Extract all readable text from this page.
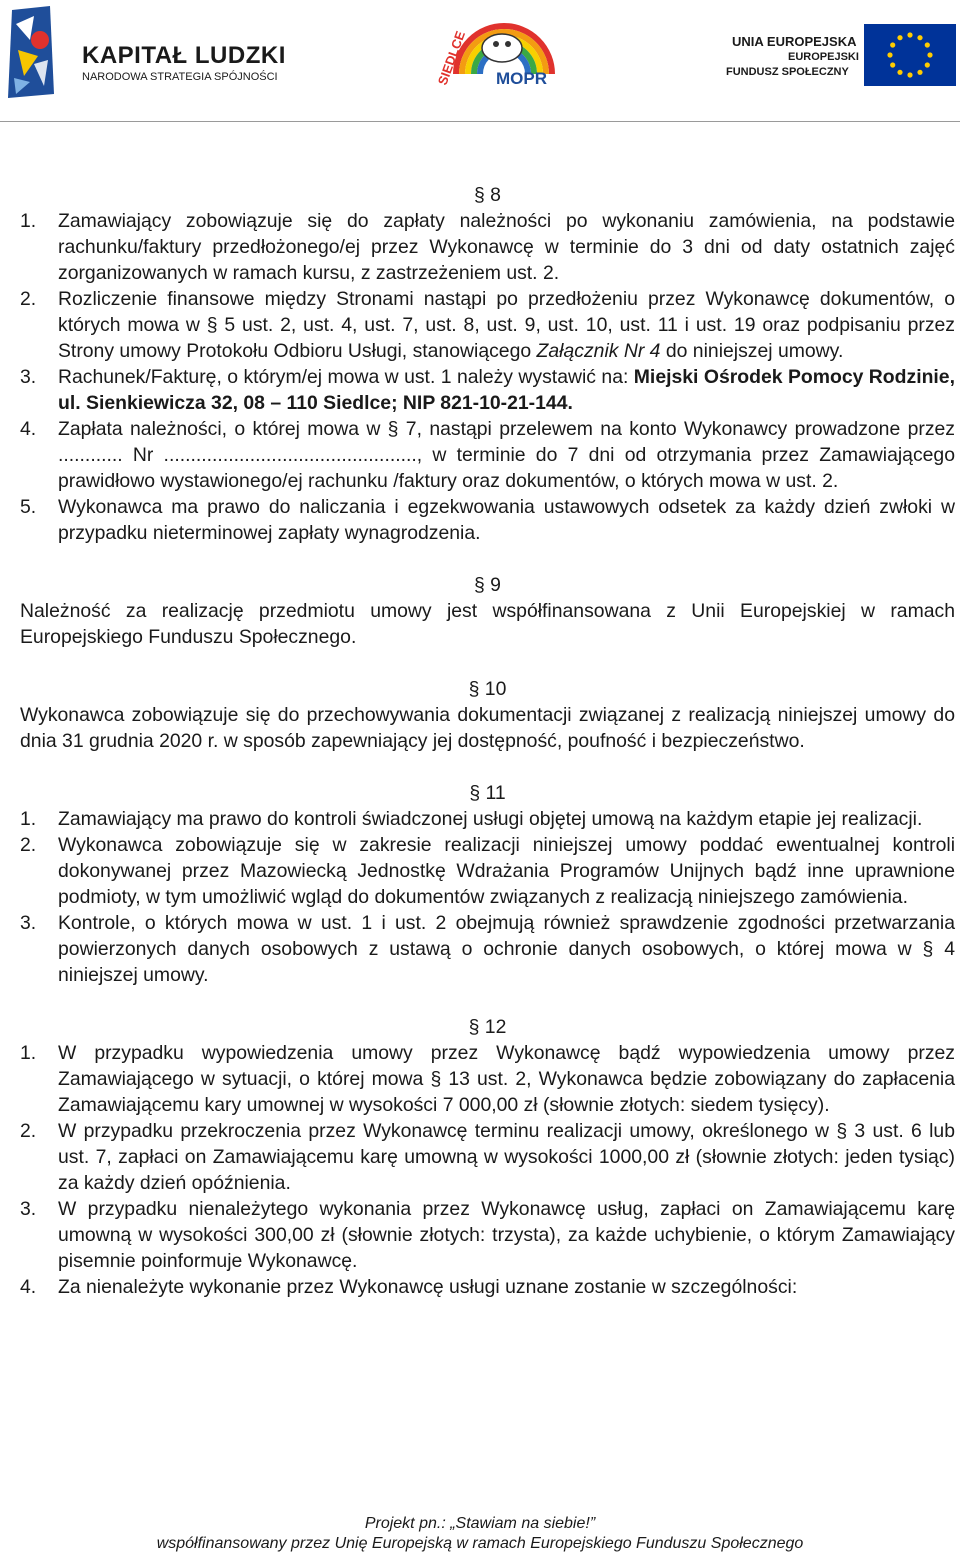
KAPITAŁ LUDZKI
NARODOWA STRATEGIA SPÓJNOŚCI	SIEDLCE MOPR
UNIA EUROPEJSKA
EUROPEJSKI
FUNDUSZ SPOŁECZNY

§ 8

1. Zamawiający zobowiązuje się do zapłaty należności po wykonaniu zamówienia, na podstawie rachunku/faktury przedłożonego/ej przez Wykonawcę w terminie do 3 dni od daty ostatnich zajęć zorganizowanych w ramach kursu, z zastrzeżeniem ust. 2.

2. Rozliczenie finansowe między Stronami nastąpi po przedłożeniu przez Wykonawcę dokumentów, o których mowa w § 5 ust. 2, ust. 4, ust. 7, ust. 8, ust. 9, ust. 10, ust. 11 i ust. 19 oraz podpisaniu przez Strony umowy Protokołu Odbioru Usługi, stanowiącego Załącznik Nr 4 do niniejszej umowy.

3. Rachunek/Fakturę, o którym/ej mowa w ust. 1 należy wystawić na: Miejski Ośrodek Pomocy Rodzinie, ul. Sienkiewicza 32, 08 – 110 Siedlce; NIP 821-10-21-144.

4. Zapłata należności, o której mowa w § 7, nastąpi przelewem na konto Wykonawcy prowadzone przez ............ Nr ..............................................., w terminie do 7 dni od otrzymania przez Zamawiającego prawidłowo wystawionego/ej rachunku /faktury oraz dokumentów, o których mowa w ust. 2.

5. Wykonawca ma prawo do naliczania i egzekwowania ustawowych odsetek za każdy dzień zwłoki w przypadku nieterminowej zapłaty wynagrodzenia.

§ 9

Należność za realizację przedmiotu umowy jest współfinansowana z Unii Europejskiej w ramach Europejskiego Funduszu Społecznego.

§ 10

Wykonawca zobowiązuje się do przechowywania dokumentacji związanej z realizacją niniejszej umowy do dnia 31 grudnia 2020 r. w sposób zapewniający jej dostępność, poufność i bezpieczeństwo.

§ 11

1. Zamawiający ma prawo do kontroli świadczonej usługi objętej umową na każdym etapie jej realizacji.

2. Wykonawca zobowiązuje się w zakresie realizacji niniejszej umowy poddać ewentualnej kontroli dokonywanej przez Mazowiecką Jednostkę Wdrażania Programów Unijnych bądź inne uprawnione podmioty, w tym umożliwić wgląd do dokumentów związanych z realizacją niniejszego zamówienia.

3. Kontrole, o których mowa w ust. 1 i ust. 2 obejmują również sprawdzenie zgodności przetwarzania powierzonych danych osobowych z ustawą o ochronie danych osobowych, o której mowa w § 4 niniejszej umowy.

§ 12

1. W przypadku wypowiedzenia umowy przez Wykonawcę bądź wypowiedzenia umowy przez Zamawiającego w sytuacji, o której mowa § 13 ust. 2, Wykonawca będzie zobowiązany do zapłacenia Zamawiającemu kary umownej w wysokości 7 000,00 zł (słownie złotych: siedem tysięcy).

2. W przypadku przekroczenia przez Wykonawcę terminu realizacji umowy, określonego w § 3 ust. 6 lub ust. 7, zapłaci on Zamawiającemu karę umowną w wysokości 1000,00 zł (słownie złotych: jeden tysiąc) za każdy dzień opóźnienia.

3. W przypadku nienależytego wykonania przez Wykonawcę usług, zapłaci on Zamawiającemu karę umowną w wysokości 300,00 zł (słownie złotych: trzysta), za każde uchybienie, o którym Zamawiający pisemnie poinformuje Wykonawcę.

4. Za nienależyte wykonanie przez Wykonawcę usługi uznane zostanie w szczególności:

Projekt pn.: „Stawiam na siebie!”
współfinansowany przez Unię Europejską w ramach Europejskiego Funduszu Społecznego
